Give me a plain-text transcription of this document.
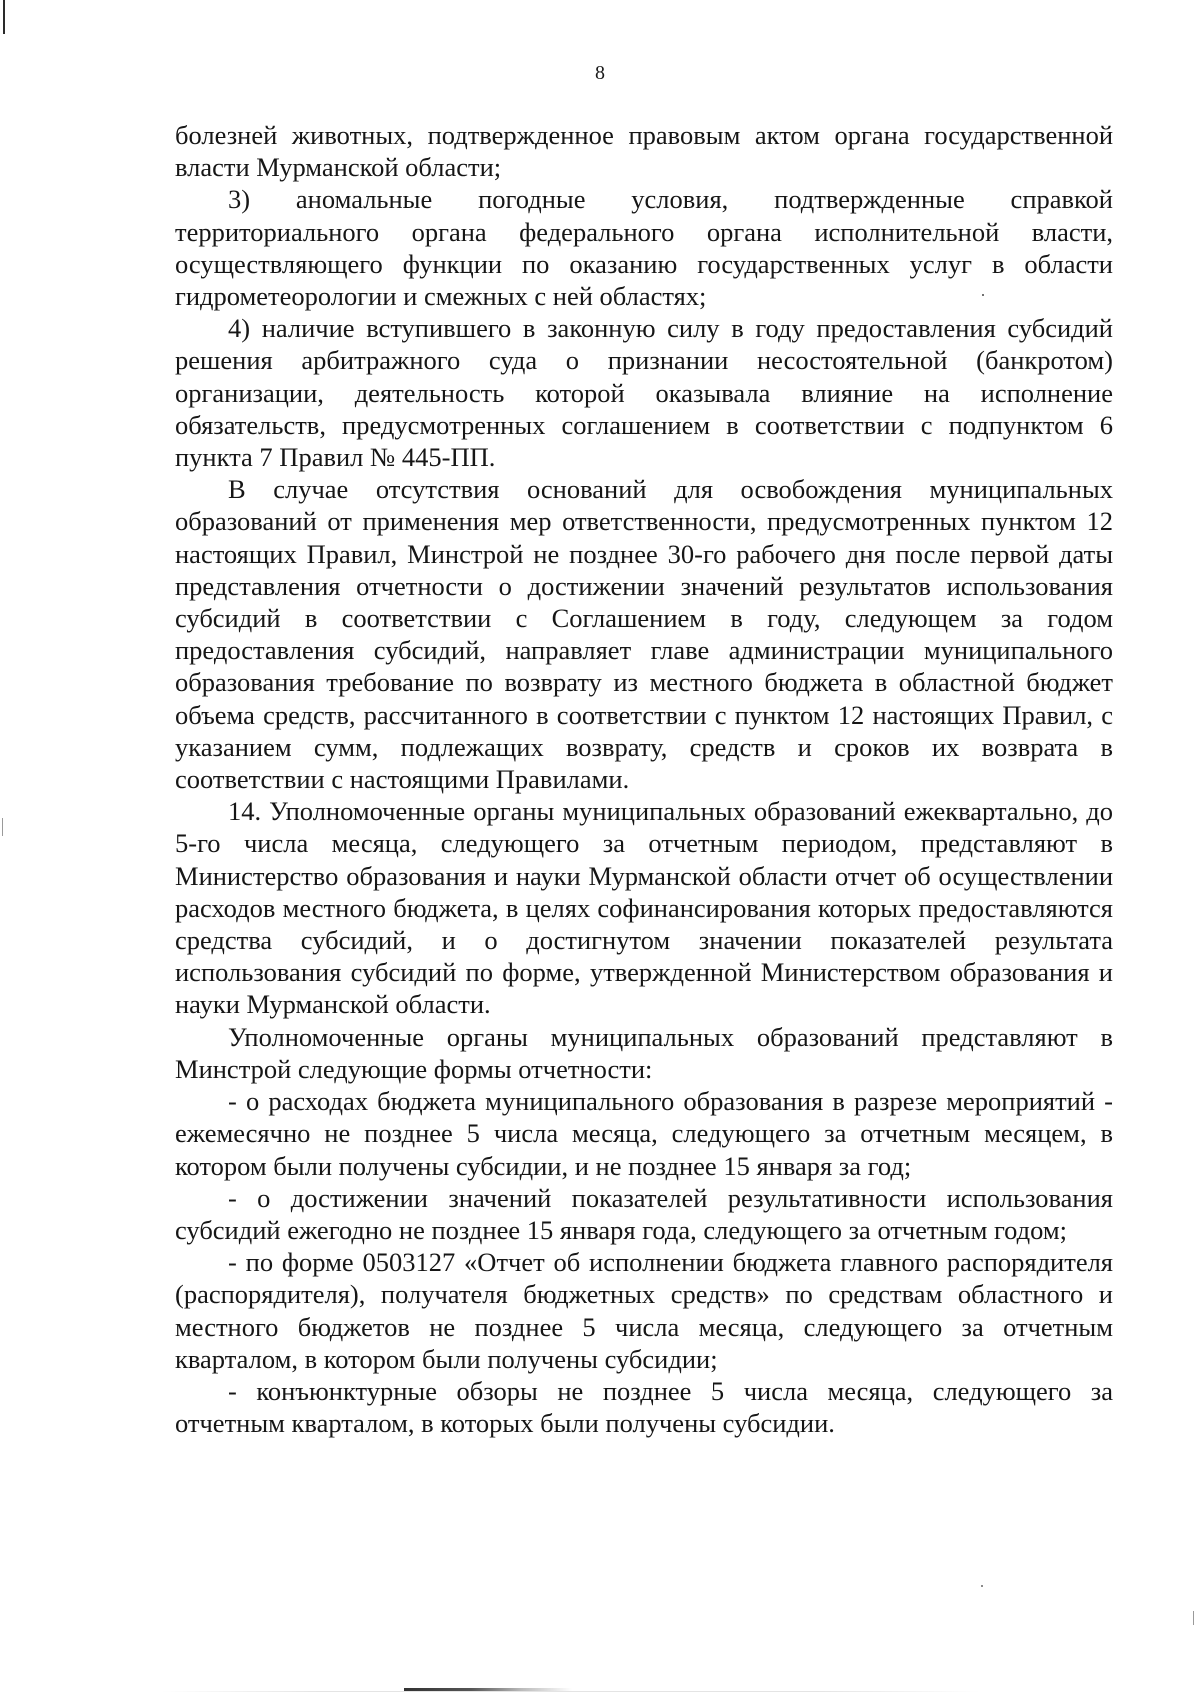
8

болезней животных, подтвержденное правовым актом органа государственной власти Мурманской области;

3) аномальные погодные условия, подтвержденные справкой территориального органа федерального органа исполнительной власти, осуществляющего функции по оказанию государственных услуг в области гидрометеорологии и смежных с ней областях;

4) наличие вступившего в законную силу в году предоставления субсидий решения арбитражного суда о признании несостоятельной (банкротом) организации, деятельность которой оказывала влияние на исполнение обязательств, предусмотренных соглашением в соответствии с подпунктом 6 пункта 7 Правил № 445-ПП.

В случае отсутствия оснований для освобождения муниципальных образований от применения мер ответственности, предусмотренных пунктом 12 настоящих Правил, Минстрой не позднее 30-го рабочего дня после первой даты представления отчетности о достижении значений результатов использования субсидий в соответствии с Соглашением в году, следующем за годом предоставления субсидий, направляет главе администрации муниципального образования требование по возврату из местного бюджета в областной бюджет объема средств, рассчитанного в соответствии с пунктом 12 настоящих Правил, с указанием сумм, подлежащих возврату, средств и сроков их возврата в соответствии с настоящими Правилами.

14. Уполномоченные органы муниципальных образований ежеквартально, до 5-го числа месяца, следующего за отчетным периодом, представляют в Министерство образования и науки Мурманской области отчет об осуществлении расходов местного бюджета, в целях софинансирования которых предоставляются средства субсидий, и о достигнутом значении показателей результата использования субсидий по форме, утвержденной Министерством образования и науки Мурманской области.

Уполномоченные органы муниципальных образований представляют в Минстрой следующие формы отчетности:

- о расходах бюджета муниципального образования в разрезе мероприятий - ежемесячно не позднее 5 числа месяца, следующего за отчетным месяцем, в котором были получены субсидии, и не позднее 15 января за год;

- о достижении значений показателей результативности использования субсидий ежегодно не позднее 15 января года, следующего за отчетным годом;

- по форме 0503127 «Отчет об исполнении бюджета главного распорядителя (распорядителя), получателя бюджетных средств» по средствам областного и местного бюджетов не позднее 5 числа месяца, следующего за отчетным кварталом, в котором были получены субсидии;

- конъюнктурные обзоры не позднее 5 числа месяца, следующего за отчетным кварталом, в которых были получены субсидии.
